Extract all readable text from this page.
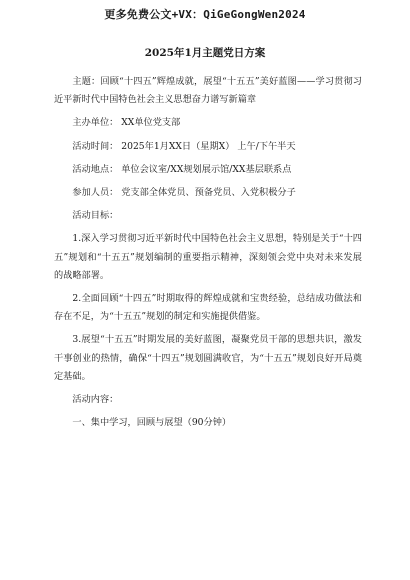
更多免费公文+VX：QiGeGongWen2024
2025年1月主题党日方案

主题：回顾“十四五”辉煌成就，展望“十五五”美好蓝图——学习贯彻习近平新时代中国特色社会主义思想奋力谱写新篇章

主办单位： XX单位党支部

活动时间： 2025年1月XX日（星期X） 上午/下午半天

活动地点： 单位会议室/XX规划展示馆/XX基层联系点

参加人员： 党支部全体党员、预备党员、入党积极分子

活动目标：

1.深入学习贯彻习近平新时代中国特色社会主义思想，特别是关于“十四五”规划和“十五五”规划编制的重要指示精神，深刻领会党中央对未来发展的战略部署。

2.全面回顾“十四五”时期取得的辉煌成就和宝贵经验，总结成功做法和存在不足，为“十五五”规划的制定和实施提供借鉴。

3.展望“十五五”时期发展的美好蓝图，凝聚党员干部的思想共识，激发干事创业的热情，确保“十四五”规划圆满收官，为“十五五”规划良好开局奠定基础。

活动内容：

一、集中学习，回顾与展望（90分钟）
